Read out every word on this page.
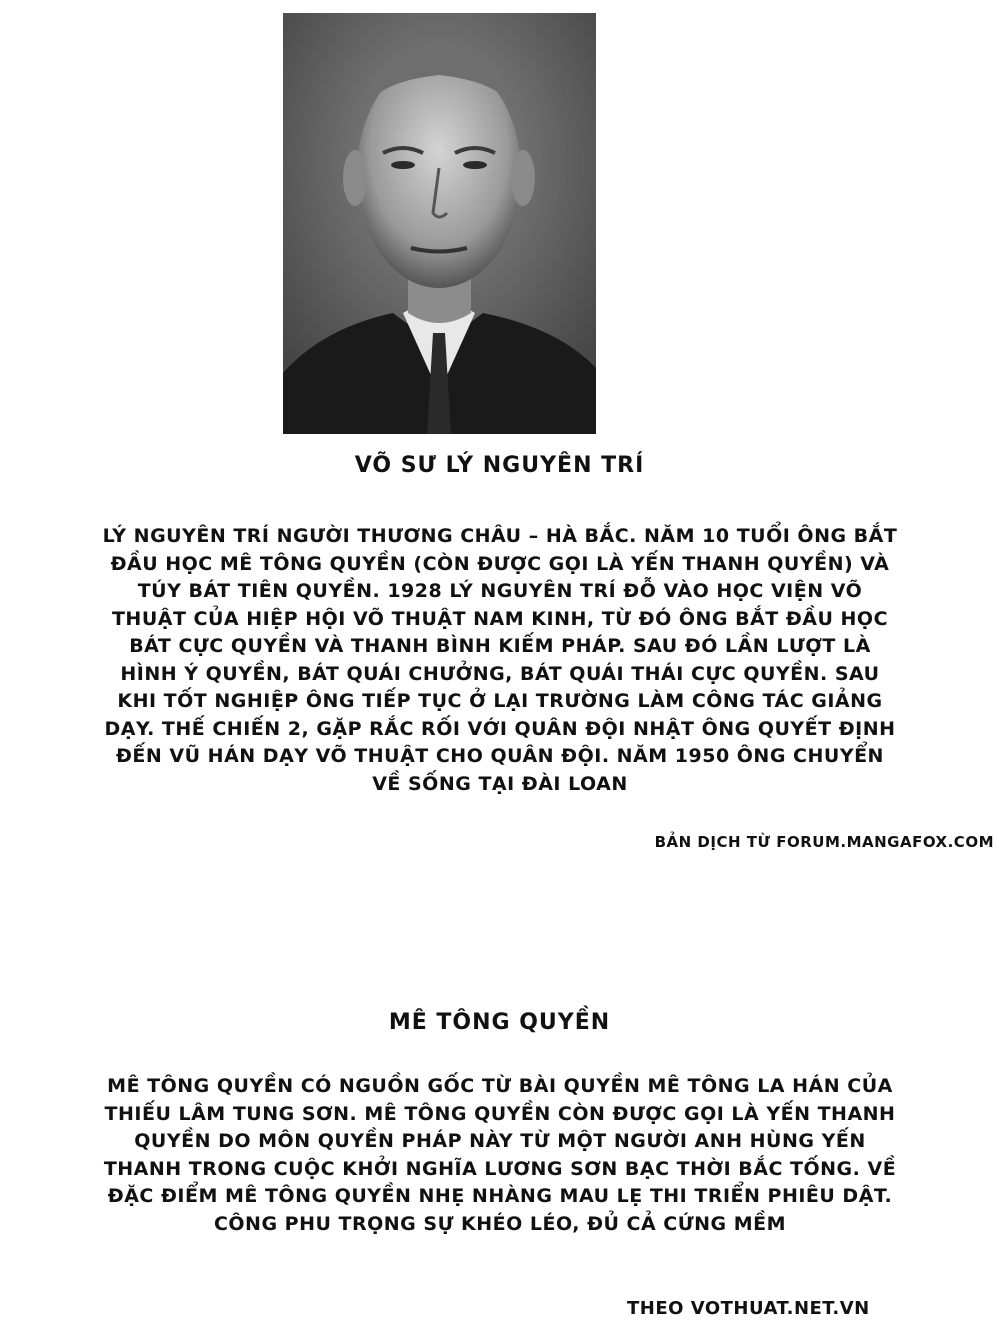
VÕ SƯ LÝ NGUYÊN TRÍ

LÝ NGUYÊN TRÍ NGƯỜI THƯƠNG CHÂU – HÀ BẮC. NĂM 10 TUỔI ÔNG BẮT ĐẦU HỌC MÊ TÔNG QUYỀN (CÒN ĐƯỢC GỌI LÀ YẾN THANH QUYỀN) VÀ TÚY BÁT TIÊN QUYỀN. 1928 LÝ NGUYÊN TRÍ ĐỖ VÀO HỌC VIỆN VÕ THUẬT CỦA HIỆP HỘI VÕ THUẬT NAM KINH, TỪ ĐÓ ÔNG BẮT ĐẦU HỌC BÁT CỰC QUYỀN VÀ THANH BÌNH KIẾM PHÁP. SAU ĐÓ LẦN LƯỢT LÀ HÌNH Ý QUYỀN, BÁT QUÁI CHƯỞNG, BÁT QUÁI THÁI CỰC QUYỀN. SAU KHI TỐT NGHIỆP ÔNG TIẾP TỤC Ở LẠI TRƯỜNG LÀM CÔNG TÁC GIẢNG DẠY. THẾ CHIẾN 2, GẶP RẮC RỐI VỚI QUÂN ĐỘI NHẬT ÔNG QUYẾT ĐỊNH ĐẾN VŨ HÁN DẠY VÕ THUẬT CHO QUÂN ĐỘI. NĂM 1950 ÔNG CHUYỂN VỀ SỐNG TẠI ĐÀI LOAN

BẢN DỊCH TỪ FORUM.MANGAFOX.COM
MÊ TÔNG QUYỀN

MÊ TÔNG QUYỀN CÓ NGUỒN GỐC TỪ BÀI QUYỀN MÊ TÔNG LA HÁN CỦA THIẾU LÂM TUNG SƠN. MÊ TÔNG QUYỀN CÒN ĐƯỢC GỌI LÀ YẾN THANH QUYỀN DO MÔN QUYỀN PHÁP NÀY TỪ MỘT NGƯỜI ANH HÙNG YẾN THANH TRONG CUỘC KHỞI NGHĨA LƯƠNG SƠN BẠC THỜI BẮC TỐNG. VỀ ĐẶC ĐIỂM MÊ TÔNG QUYỀN NHẸ NHÀNG MAU LẸ THI TRIỂN PHIÊU DẬT. CÔNG PHU TRỌNG SỰ KHÉO LÉO, ĐỦ CẢ CỨNG MỀM

THEO VOTHUAT.NET.VN
